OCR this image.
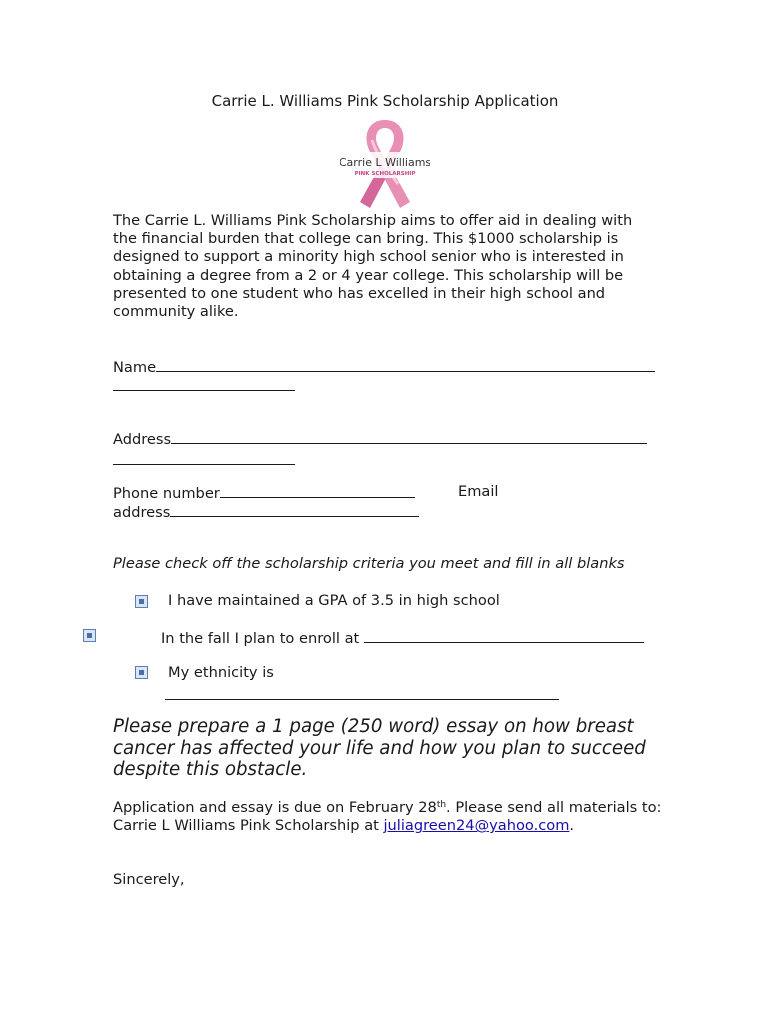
Carrie L. Williams Pink Scholarship Application
Carrie L Williams
PINK SCHOLARSHIP
The Carrie L. Williams Pink Scholarship aims to offer aid in dealing with the financial burden that college can bring. This $1000 scholarship is designed to support a minority high school senior who is interested in obtaining a degree from a 2 or 4 year college. This scholarship will be presented to one student who has excelled in their high school and community alike.
Name
Address
Phone number	Email
address
Please check off the scholarship criteria you meet and fill in all blanks
I have maintained a GPA of 3.5 in high school
In the fall I plan to enroll at
My ethnicity is
Please prepare a 1 page (250 word) essay on how breast cancer has affected your life and how you plan to succeed despite this obstacle.
Application and essay is due on February 28th. Please send all materials to: Carrie L Williams Pink Scholarship at juliagreen24@yahoo.com.
Sincerely,
